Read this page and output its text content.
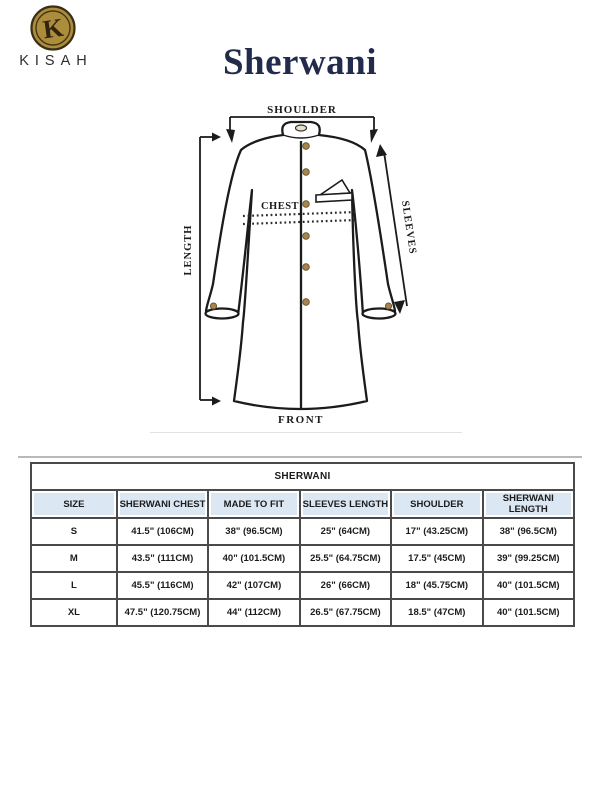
K
KISAH	Sherwani
SHOULDER
CHEST
LENGTH	SLEEVES
FRONT
SHERWANI					
SIZE	SHERWANI CHEST	MADE TO FIT	SLEEVES LENGTH	SHOULDER	SHERWANI LENGTH
S	41.5" (106CM)	38" (96.5CM)	25" (64CM)	17" (43.25CM)	38" (96.5CM)
M	43.5" (111CM)	40" (101.5CM)	25.5" (64.75CM)	17.5" (45CM)	39" (99.25CM)
L	45.5" (116CM)	42" (107CM)	26" (66CM)	18" (45.75CM)	40" (101.5CM)
XL	47.5" (120.75CM)	44" (112CM)	26.5" (67.75CM)	18.5" (47CM)	40" (101.5CM)
